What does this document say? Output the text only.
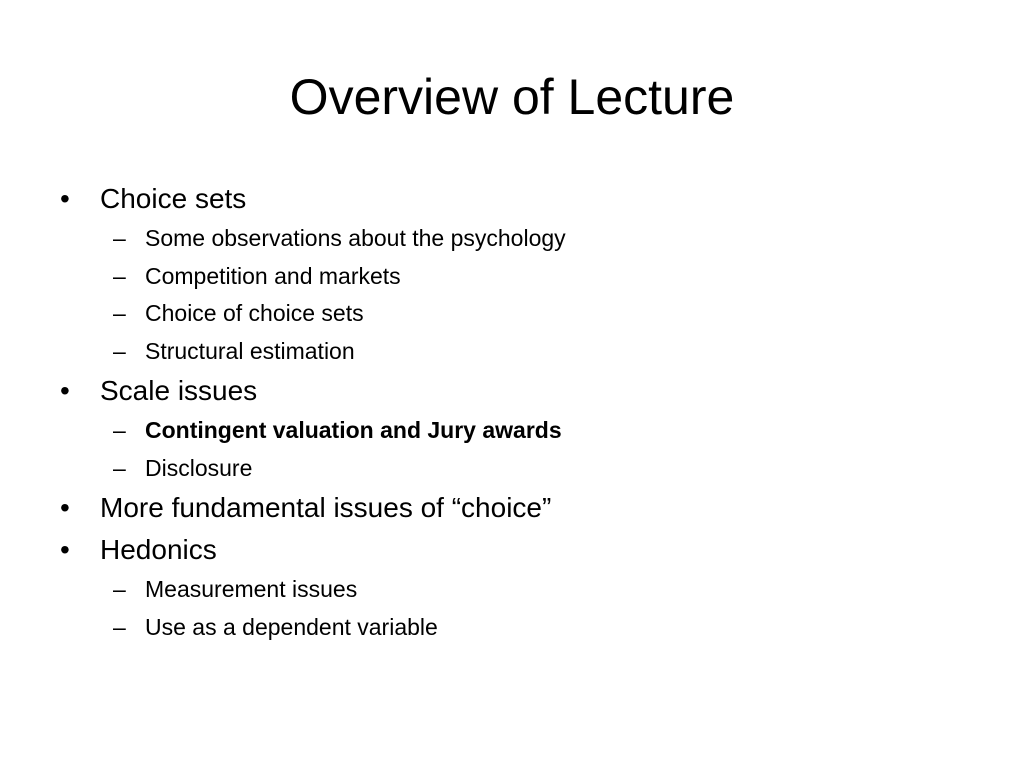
Overview of Lecture
•	Choice sets
– Some observations about the psychology
– Competition and markets
– Choice of choice sets
– Structural estimation
•	Scale issues
– Contingent valuation and Jury awards
– Disclosure
•	More fundamental issues of “choice”
•	Hedonics
– Measurement issues
– Use as a dependent variable
